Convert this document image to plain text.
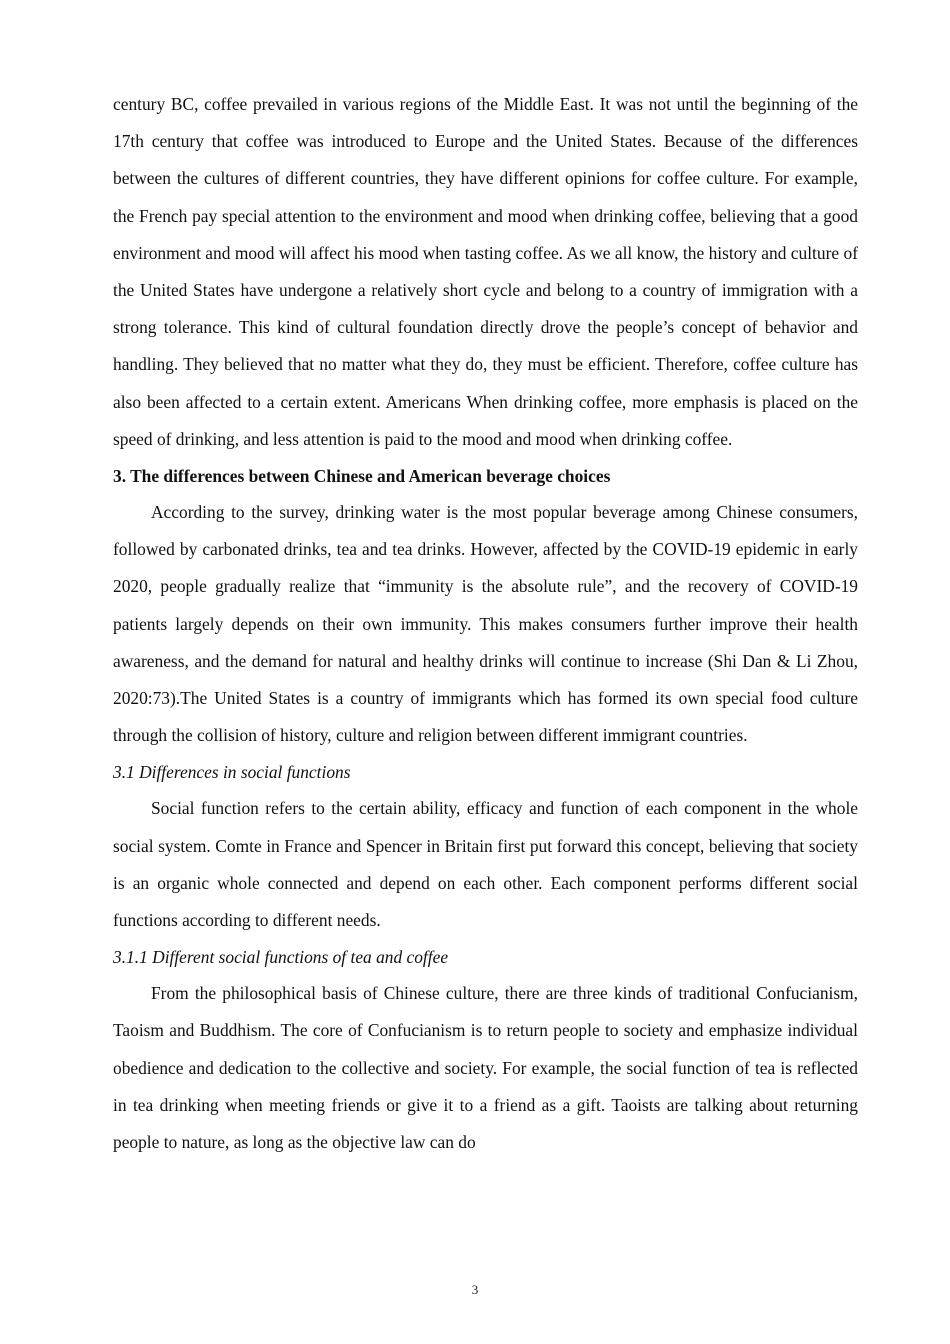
century BC, coffee prevailed in various regions of the Middle East. It was not until the beginning of the 17th century that coffee was introduced to Europe and the United States. Because of the differences between the cultures of different countries, they have different opinions for coffee culture. For example, the French pay special attention to the environment and mood when drinking coffee, believing that a good environment and mood will affect his mood when tasting coffee. As we all know, the history and culture of the United States have undergone a relatively short cycle and belong to a country of immigration with a strong tolerance. This kind of cultural foundation directly drove the people’s concept of behavior and handling. They believed that no matter what they do, they must be efficient. Therefore, coffee culture has also been affected to a certain extent. Americans When drinking coffee, more emphasis is placed on the speed of drinking, and less attention is paid to the mood and mood when drinking coffee.

3. The differences between Chinese and American beverage choices

According to the survey, drinking water is the most popular beverage among Chinese consumers, followed by carbonated drinks, tea and tea drinks. However, affected by the COVID-19 epidemic in early 2020, people gradually realize that “immunity is the absolute rule”, and the recovery of COVID-19 patients largely depends on their own immunity. This makes consumers further improve their health awareness, and the demand for natural and healthy drinks will continue to increase (Shi Dan & Li Zhou, 2020:73).The United States is a country of immigrants which has formed its own special food culture through the collision of history, culture and religion between different immigrant countries.

3.1 Differences in social functions

Social function refers to the certain ability, efficacy and function of each component in the whole social system. Comte in France and Spencer in Britain first put forward this concept, believing that society is an organic whole connected and depend on each other. Each component performs different social functions according to different needs.

3.1.1 Different social functions of tea and coffee

From the philosophical basis of Chinese culture, there are three kinds of traditional Confucianism, Taoism and Buddhism. The core of Confucianism is to return people to society and emphasize individual obedience and dedication to the collective and society. For example, the social function of tea is reflected in tea drinking when meeting friends or give it to a friend as a gift. Taoists are talking about returning people to nature, as long as the objective law can do

3
